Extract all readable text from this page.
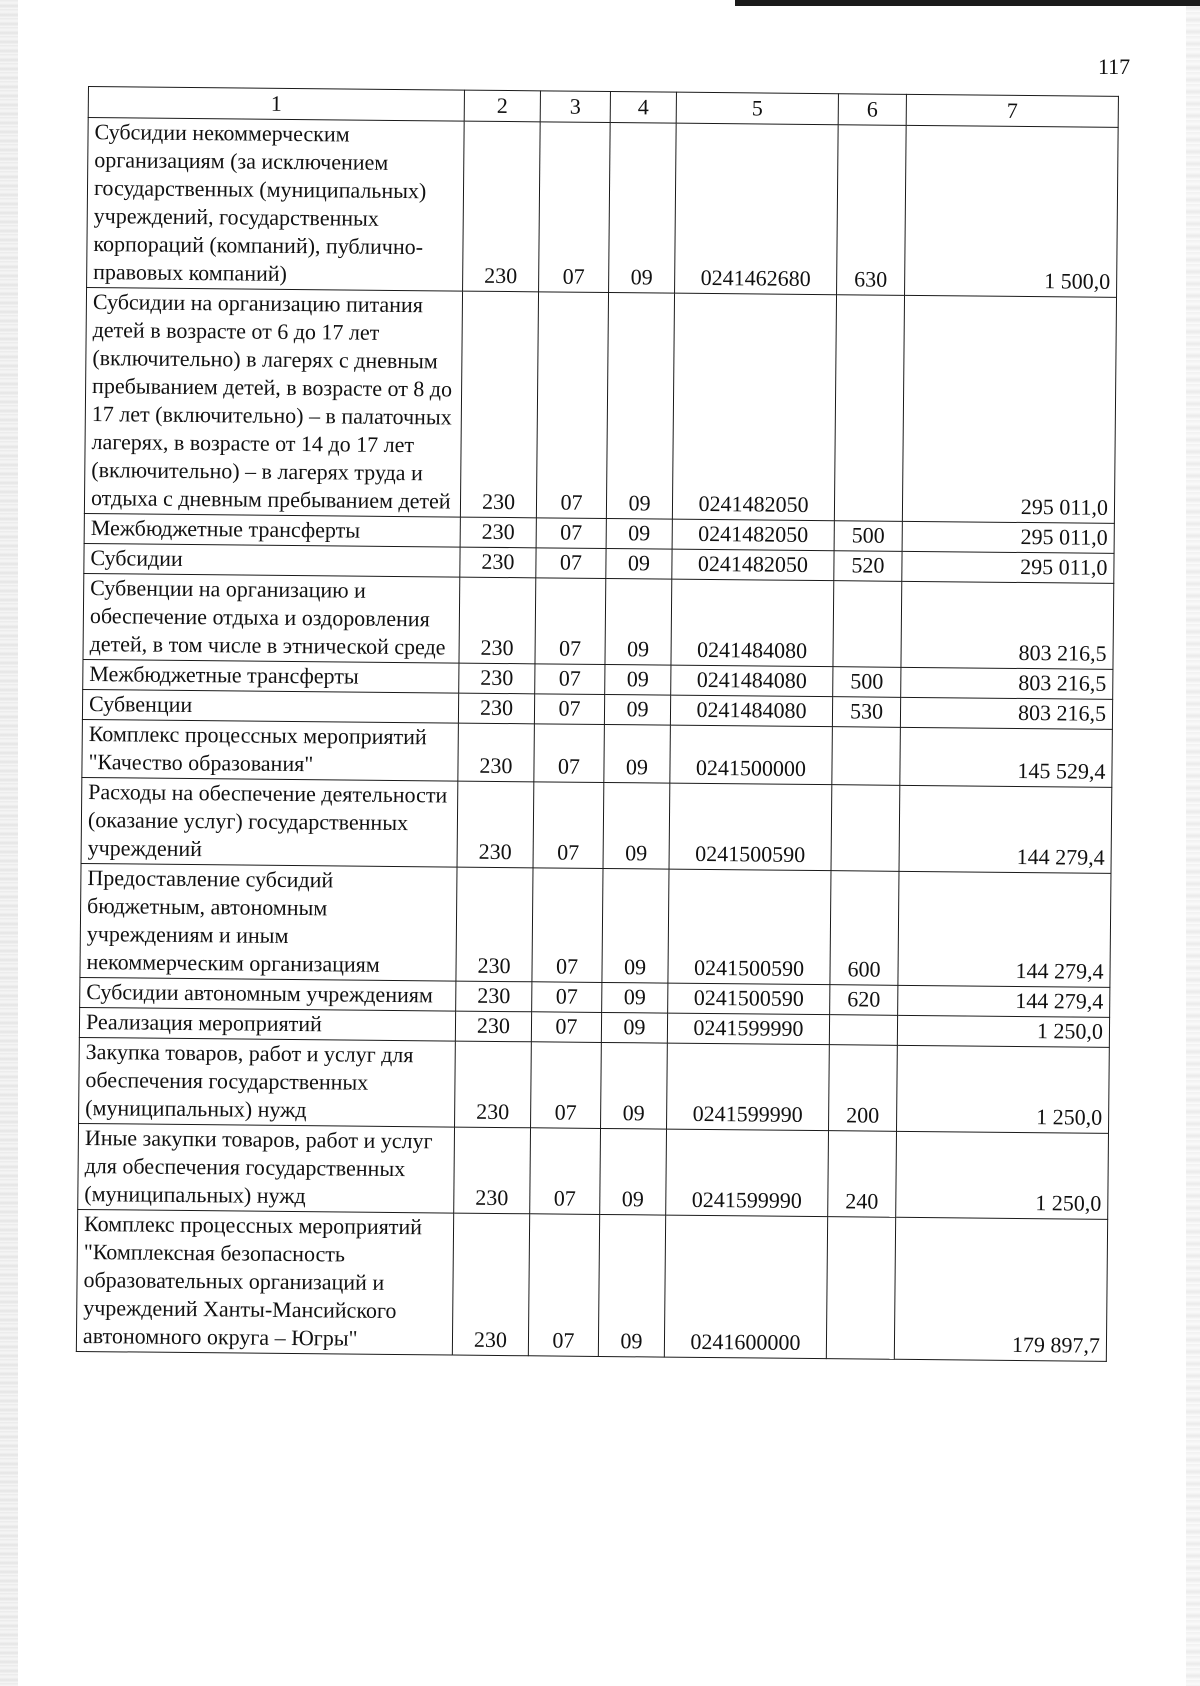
117
1	2	3	4	5	6	7
Субсидии некоммерческим организациям (за исключением государственных (муниципальных) учреждений, государственных корпораций (компаний), публично-правовых компаний)	230	07	09	0241462680	630	1 500,0
Субсидии на организацию питания детей в возрасте от 6 до 17 лет (включительно) в лагерях с дневным пребыванием детей, в возрасте от 8 до 17 лет (включительно) – в палаточных лагерях, в возрасте от 14 до 17 лет (включительно) – в лагерях труда и отдыха с дневным пребыванием детей	230	07	09	0241482050		295 011,0
Межбюджетные трансферты	230	07	09	0241482050	500	295 011,0
Субсидии	230	07	09	0241482050	520	295 011,0
Субвенции на организацию и обеспечение отдыха и оздоровления детей, в том числе в этнической среде	230	07	09	0241484080		803 216,5
Межбюджетные трансферты	230	07	09	0241484080	500	803 216,5
Субвенции	230	07	09	0241484080	530	803 216,5
Комплекс процессных мероприятий "Качество образования"	230	07	09	0241500000		145 529,4
Расходы на обеспечение деятельности (оказание услуг) государственных учреждений	230	07	09	0241500590		144 279,4
Предоставление субсидий бюджетным, автономным учреждениям и иным некоммерческим организациям	230	07	09	0241500590	600	144 279,4
Субсидии автономным учреждениям	230	07	09	0241500590	620	144 279,4
Реализация мероприятий	230	07	09	0241599990		1 250,0
Закупка товаров, работ и услуг для обеспечения государственных (муниципальных) нужд	230	07	09	0241599990	200	1 250,0
Иные закупки товаров, работ и услуг для обеспечения государственных (муниципальных) нужд	230	07	09	0241599990	240	1 250,0
Комплекс процессных мероприятий "Комплексная безопасность образовательных организаций и учреждений Ханты-Мансийского автономного округа – Югры"	230	07	09	0241600000		179 897,7
